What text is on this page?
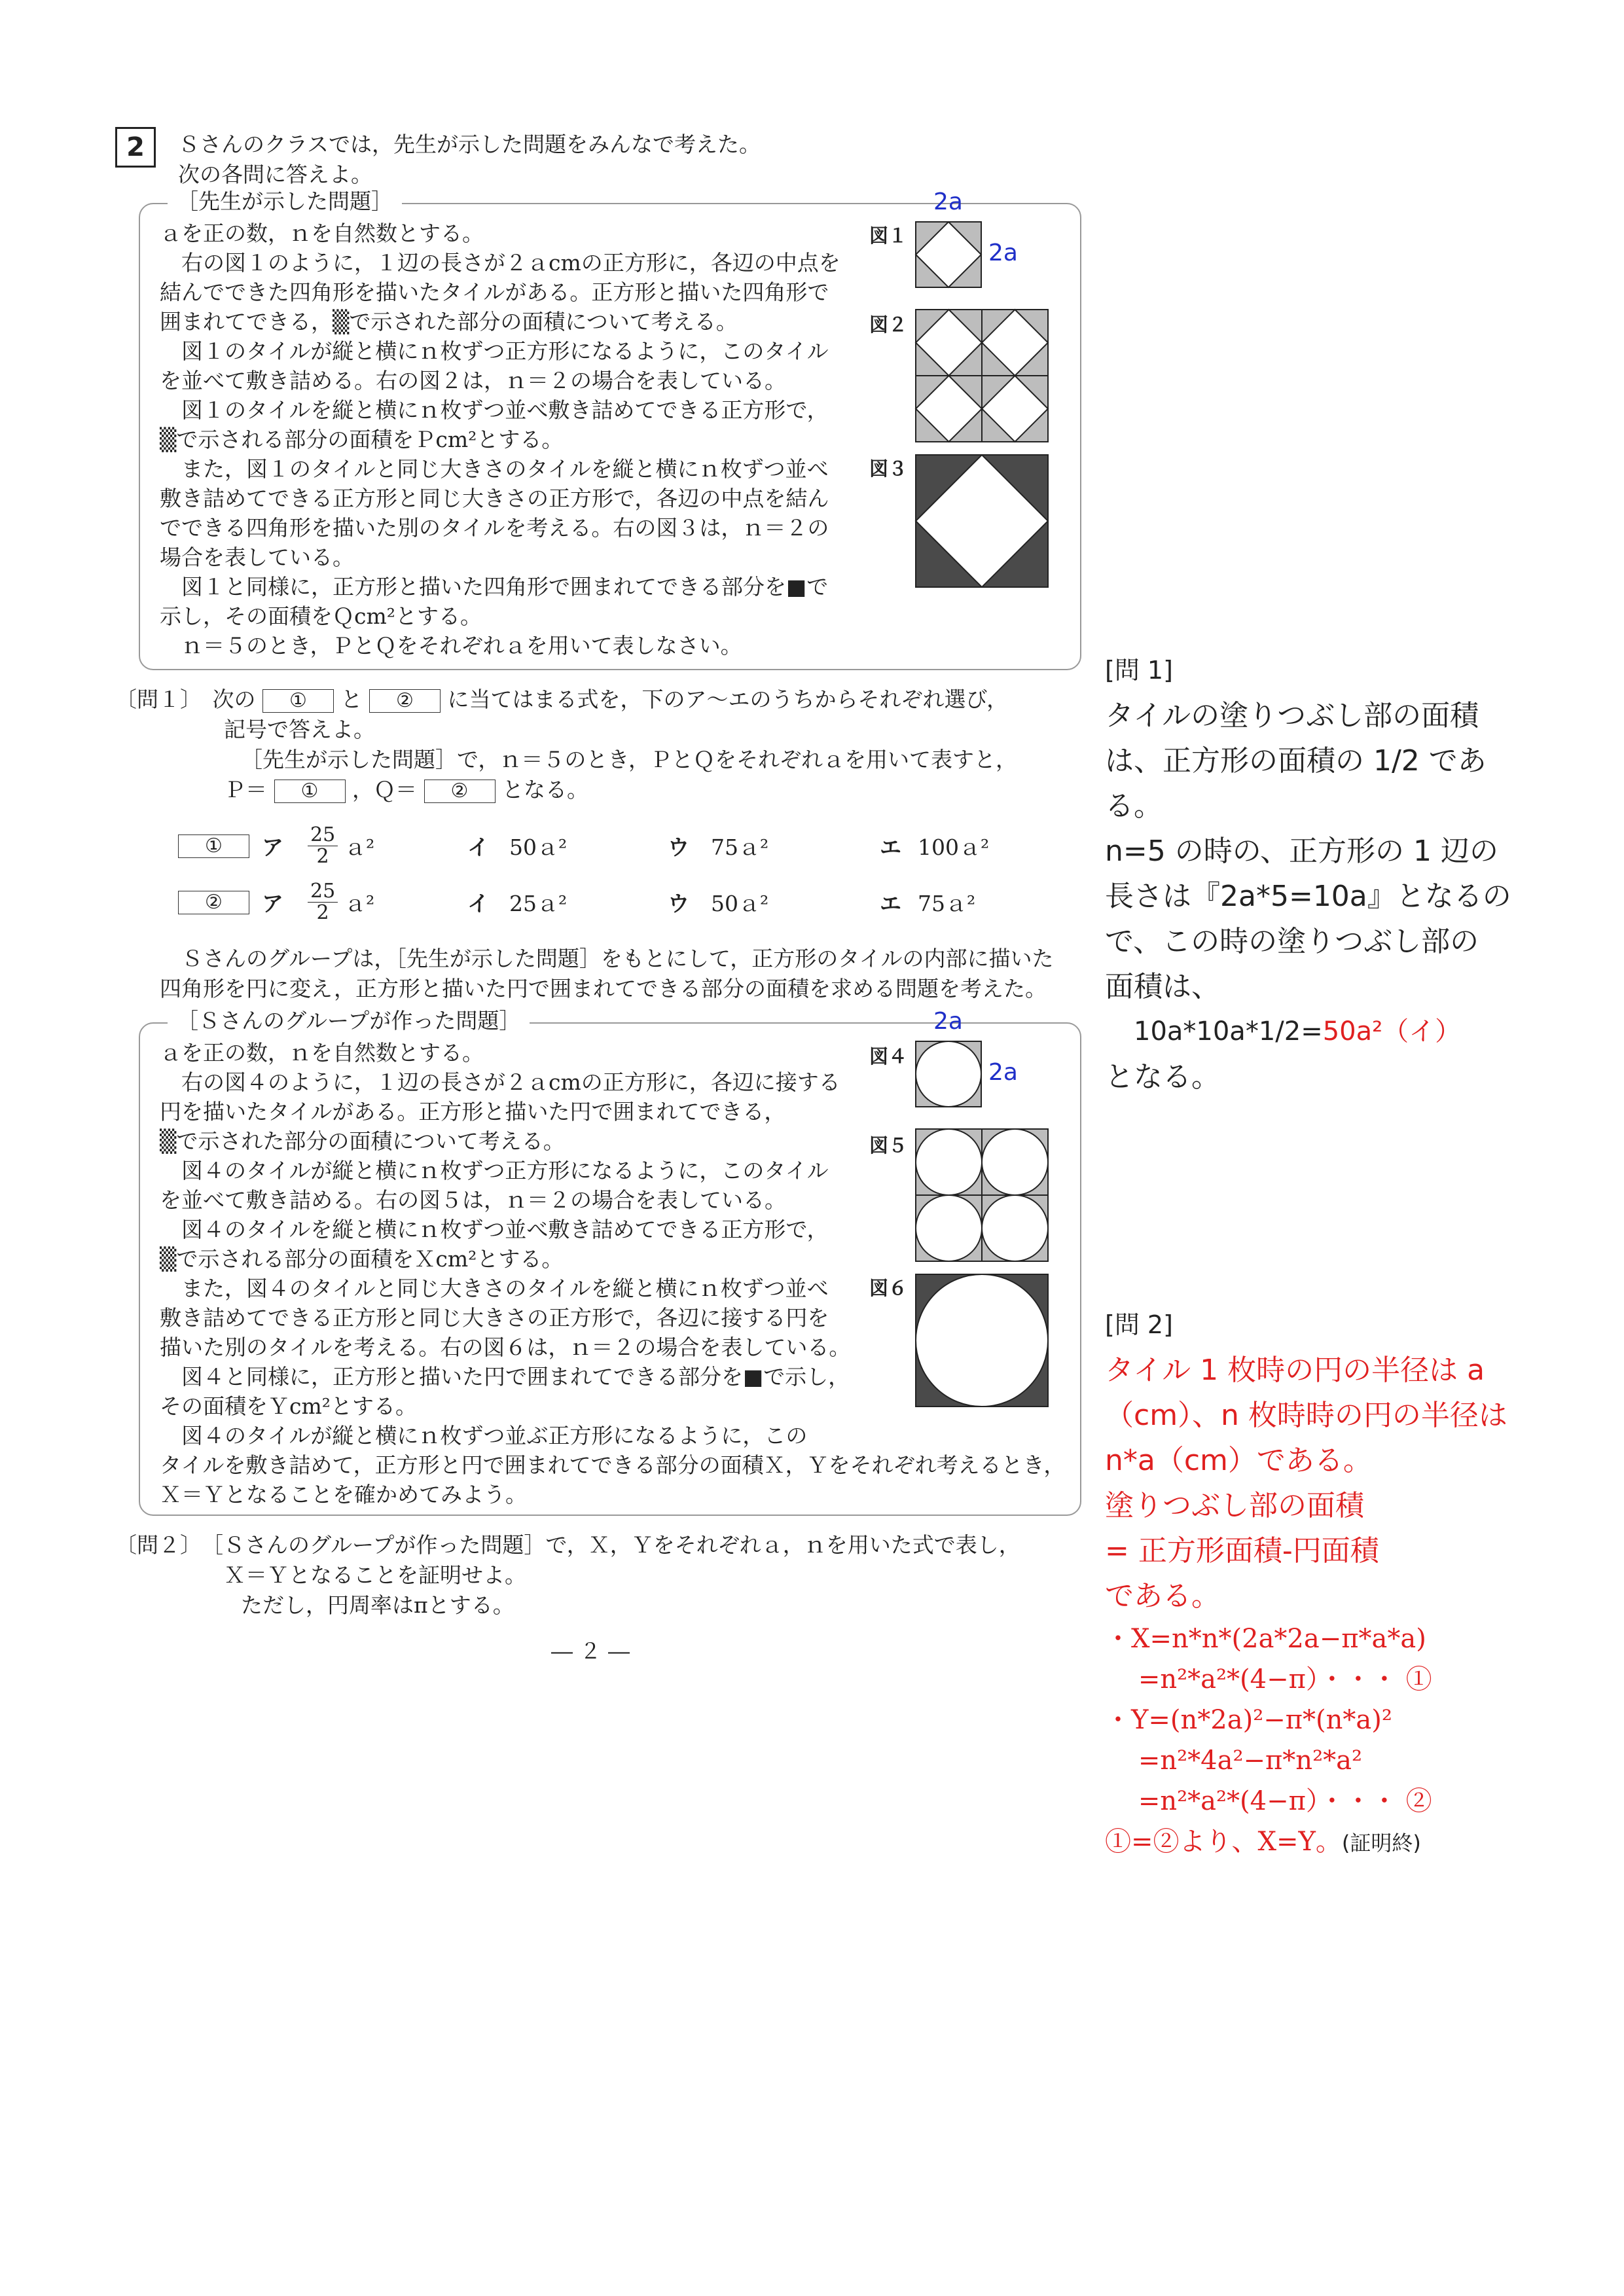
2	Ｓさんのクラスでは，先生が示した問題をみんなで考えた。
次の各問に答えよ。
［先生が示した問題］
ａを正の数，ｎを自然数とする。
　右の図１のように，１辺の長さが２ａcmの正方形に，各辺の中点を
結んでできた四角形を描いたタイルがある。正方形と描いた四角形で
囲まれてできる，▒で示された部分の面積について考える。
　図１のタイルが縦と横にｎ枚ずつ正方形になるように，このタイル
を並べて敷き詰める。右の図２は，ｎ＝２の場合を表している。
　図１のタイルを縦と横にｎ枚ずつ並べ敷き詰めてできる正方形で，
▒で示される部分の面積をＰcm²とする。
　また，図１のタイルと同じ大きさのタイルを縦と横にｎ枚ずつ並べ
敷き詰めてできる正方形と同じ大きさの正方形で，各辺の中点を結ん
でできる四角形を描いた別のタイルを考える。右の図３は，ｎ＝２の
場合を表している。
　図１と同様に，正方形と描いた四角形で囲まれてできる部分を■で
示し，その面積をＱcm²とする。
　ｎ＝５のとき，ＰとＱをそれぞれａを用いて表しなさい。
図１
2a
2a
図２
図３
〔問１〕　次の ① と ② に当てはまる式を，下のア～エのうちからそれぞれ選び，
記号で答えよ。
［先生が示した問題］で，ｎ＝５のとき，ＰとＱをそれぞれａを用いて表すと，
Ｐ＝ ① ，Ｑ＝ ② となる。
①	ア $\frac{25}{2}$ ａ²	イ 50ａ²	ウ 75ａ²	エ 100ａ²
②	ア $\frac{25}{2}$ ａ²	イ 25ａ²	ウ 50ａ²	エ 75ａ²
　Ｓさんのグループは，［先生が示した問題］をもとにして，正方形のタイルの内部に描いた
四角形を円に変え，正方形と描いた円で囲まれてできる部分の面積を求める問題を考えた。
［Ｓさんのグループが作った問題］
ａを正の数，ｎを自然数とする。
　右の図４のように，１辺の長さが２ａcmの正方形に，各辺に接する
円を描いたタイルがある。正方形と描いた円で囲まれてできる，
▒で示された部分の面積について考える。
　図４のタイルが縦と横にｎ枚ずつ正方形になるように，このタイル
を並べて敷き詰める。右の図５は，ｎ＝２の場合を表している。
　図４のタイルを縦と横にｎ枚ずつ並べ敷き詰めてできる正方形で，
▒で示される部分の面積をＸcm²とする。
　また，図４のタイルと同じ大きさのタイルを縦と横にｎ枚ずつ並べ
敷き詰めてできる正方形と同じ大きさの正方形で，各辺に接する円を
描いた別のタイルを考える。右の図６は，ｎ＝２の場合を表している。
　図４と同様に，正方形と描いた円で囲まれてできる部分を■で示し，
その面積をＹcm²とする。
　図４のタイルが縦と横にｎ枚ずつ並ぶ正方形になるように，この
タイルを敷き詰めて，正方形と円で囲まれてできる部分の面積Ｘ，Ｙをそれぞれ考えるとき，
Ｘ＝Ｙとなることを確かめてみよう。
図４
2a
2a
図５
図６
〔問２〕　［Ｓさんのグループが作った問題］で，Ｘ，Ｙをそれぞれａ，ｎを用いた式で表し，
Ｘ＝Ｙとなることを証明せよ。
ただし，円周率はπとする。
― ２ ―
[問 1]
タイルの塗りつぶし部の面積
は、正方形の面積の 1/2 であ
る。
n=5 の時の、正方形の 1 辺の
長さは『2a*5=10a』となるの
で、この時の塗りつぶし部の
面積は、
10a*10a*1/2=50a²（イ）
となる。
[問 2]
タイル 1 枚時の円の半径は a
（cm）、n 枚時時の円の半径は
n*a（cm）である。
塗りつぶし部の面積
= 正方形面積-円面積
である。
・X=n*n*(2a*2a−π*a*a)
=n²*a²*(4−π）・・・ ①
・Y=(n*2a)²−π*(n*a)²
=n²*4a²−π*n²*a²
=n²*a²*(4−π）・・・ ②
①=②より、X=Y。(証明終)
